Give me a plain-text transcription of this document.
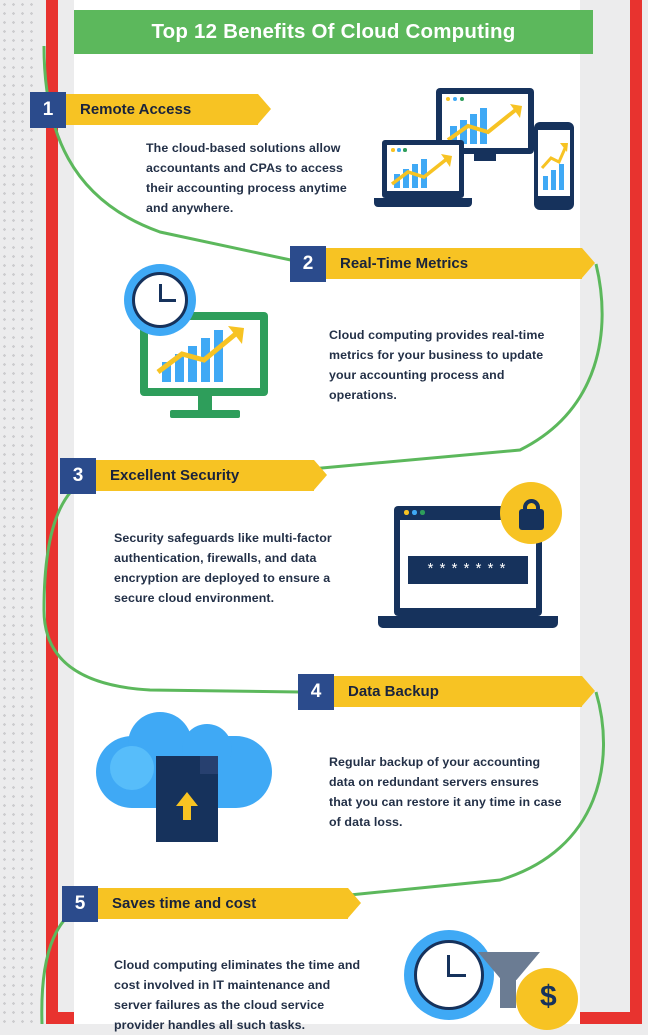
Top 12 Benefits Of Cloud Computing
1	Remote Access
The cloud-based solutions allow accountants and CPAs to access their accounting process anytime and anywhere.
2	Real-Time Metrics
Cloud computing provides real-time metrics for your business to update your accounting process and operations.
3	Excellent Security
Security safeguards like multi-factor authentication, firewalls, and data encryption are deployed to ensure a secure cloud environment.
*******
4	Data Backup
Regular backup of your accounting data on redundant servers ensures that you can restore it any time in case of data loss.
5	Saves time and cost
Cloud computing eliminates the time and cost involved in IT maintenance and server failures as the cloud service provider handles all such tasks.
$
